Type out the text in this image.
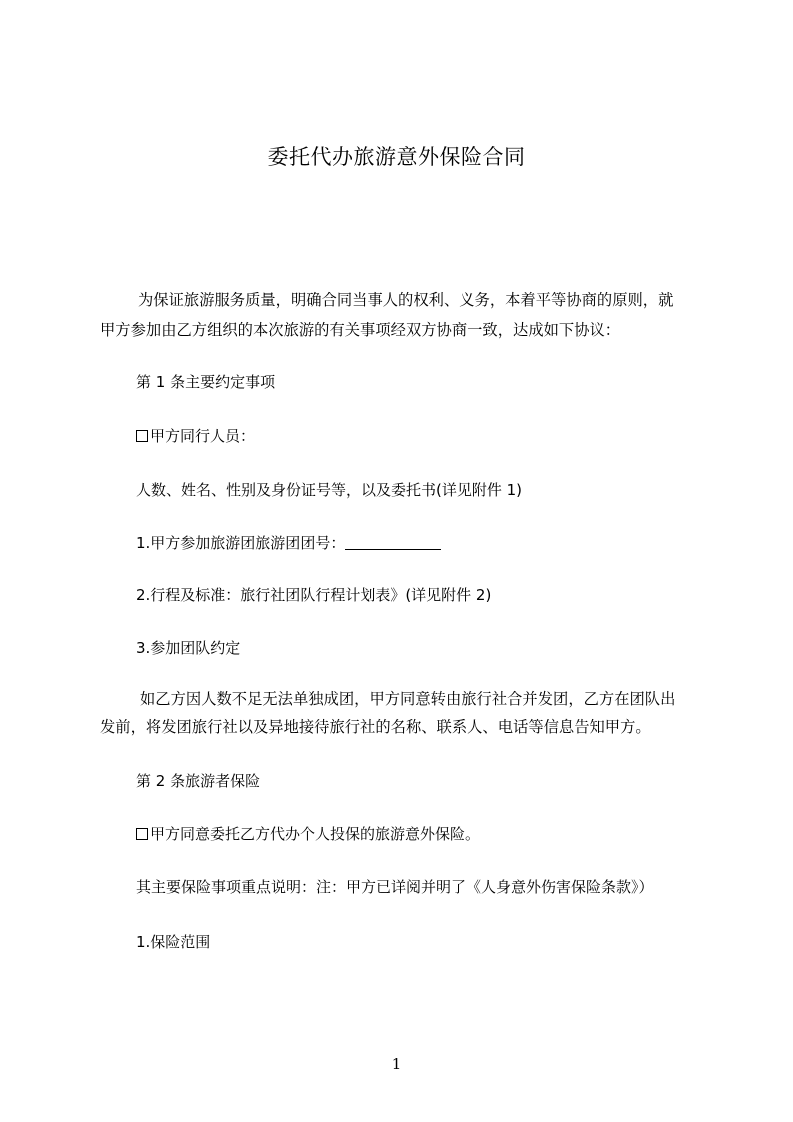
委托代办旅游意外保险合同
为保证旅游服务质量，明确合同当事人的权利、义务，本着平等协商的原则，就
甲方参加由乙方组织的本次旅游的有关事项经双方协商一致，达成如下协议：
第 1 条主要约定事项
甲方同行人员：
人数、姓名、性别及身份证号等，以及委托书(详见附件 1)
1.甲方参加旅游团旅游团团号：
2.行程及标准：旅行社团队行程计划表》(详见附件 2)
3.参加团队约定
如乙方因人数不足无法单独成团，甲方同意转由旅行社合并发团，乙方在团队出
发前，将发团旅行社以及异地接待旅行社的名称、联系人、电话等信息告知甲方。
第 2 条旅游者保险
甲方同意委托乙方代办个人投保的旅游意外保险。
其主要保险事项重点说明：注：甲方已详阅并明了《人身意外伤害保险条款》）
1.保险范围
1
